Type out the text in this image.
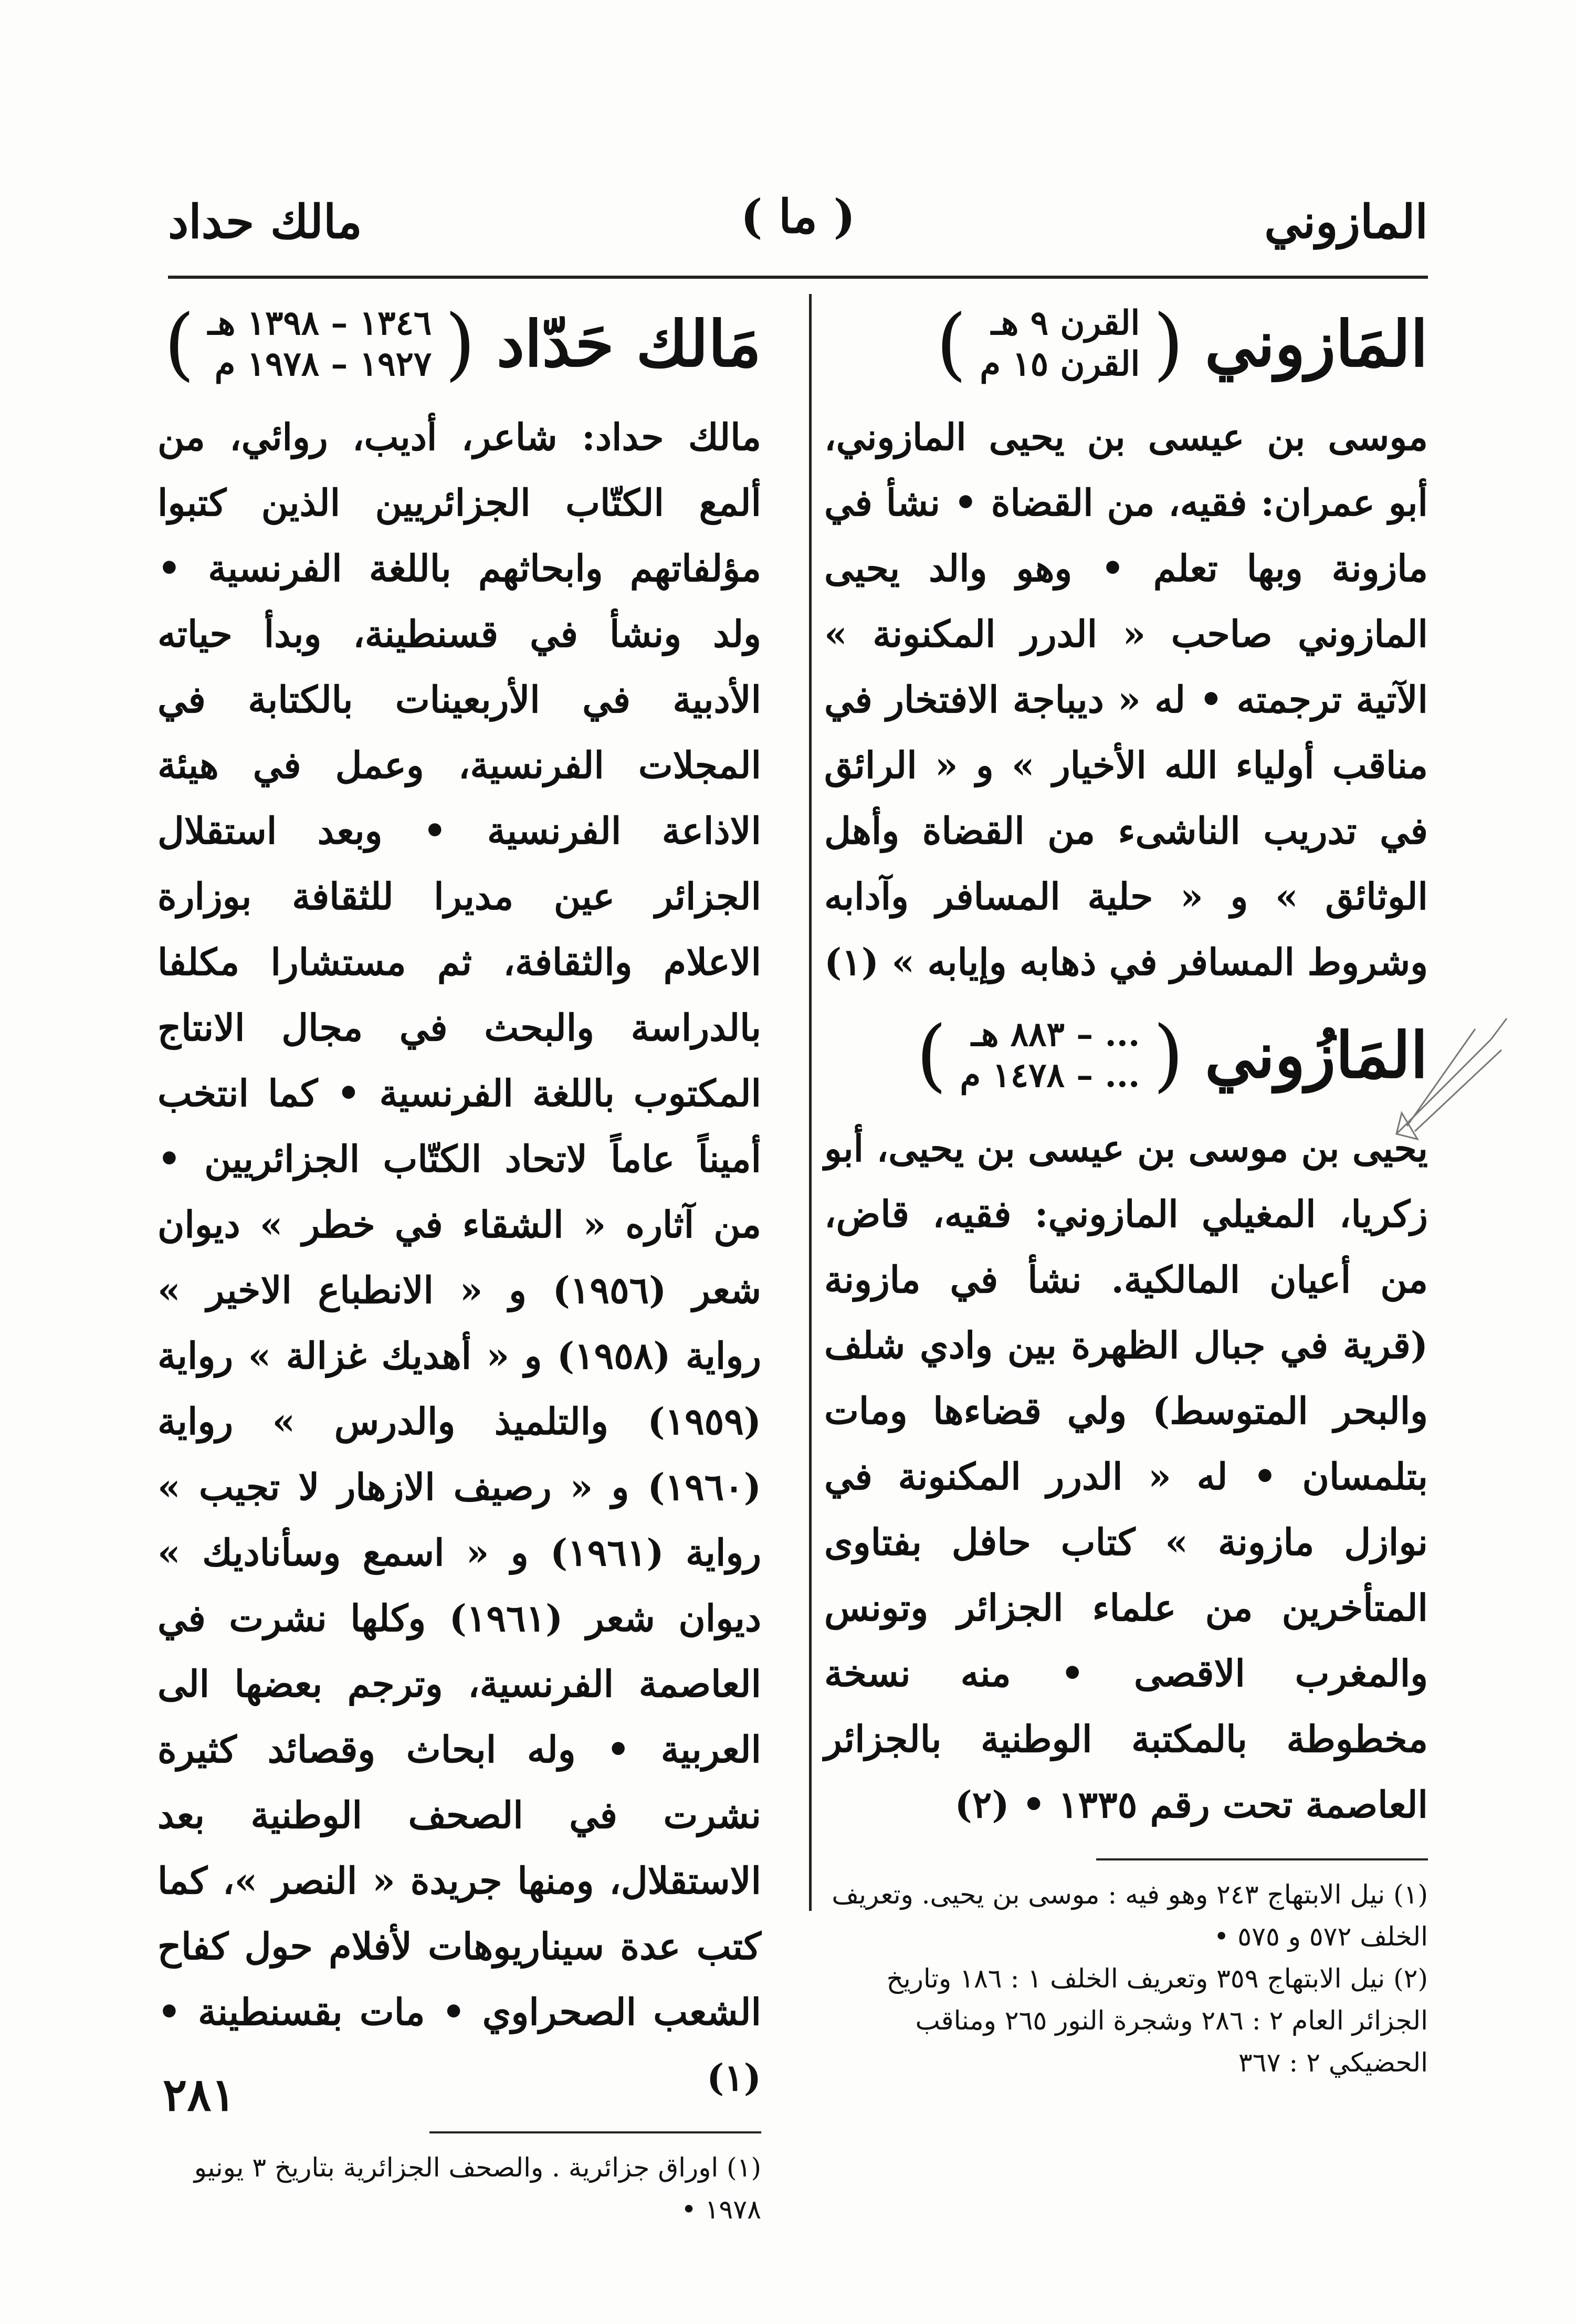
المازوني
( ما )
مالك حداد
المَازوني
(
القرن ٩ هـ
القرن ١٥ م
)

موسى بن عيسى بن يحيى المازوني، أبو عمران: فقيه، من القضاة • نشأ في مازونة وبها تعلم • وهو والد يحيى المازوني صاحب « الدرر المكنونة » الآتية ترجمته • له « ديباجة الافتخار في مناقب أولياء الله الأخيار » و « الرائق في تدريب الناشىء من القضاة وأهل الوثائق » و « حلية المسافر وآدابه وشروط المسافر في ذهابه وإيابه » (١)

المَازُوني
(
... – ٨٨٣ هـ
... – ١٤٧٨ م
)

يحيى بن موسى بن عيسى بن يحيى، أبو زكريا، المغيلي المازوني: فقيه، قاض، من أعيان المالكية. نشأ في مازونة (قرية في جبال الظهرة بين وادي شلف والبحر المتوسط) ولي قضاءها ومات بتلمسان • له « الدرر المكنونة في نوازل مازونة » كتاب حافل بفتاوى المتأخرين من علماء الجزائر وتونس والمغرب الاقصى • منه نسخة مخطوطة بالمكتبة الوطنية بالجزائر العاصمة تحت رقم ١٣٣٥ • (٢)

(١) نيل الابتهاج ٢٤٣ وهو فيه : موسى بن يحيى. وتعريف الخلف ٥٧٢ و ٥٧٥ •

(٢) نيل الابتهاج ٣٥٩ وتعريف الخلف ١ : ١٨٦ وتاريخ الجزائر العام ٢ : ٢٨٦ وشجرة النور ٢٦٥ ومناقب الحضيكي ٢ : ٣٦٧

مَالك حَدّاد
(
١٣٤٦ – ١٣٩٨ هـ
١٩٢٧ – ١٩٧٨ م
)

مالك حداد: شاعر، أديب، روائي، من ألمع الكتّاب الجزائريين الذين كتبوا مؤلفاتهم وابحاثهم باللغة الفرنسية • ولد ونشأ في قسنطينة، وبدأ حياته الأدبية في الأربعينات بالكتابة في المجلات الفرنسية، وعمل في هيئة الاذاعة الفرنسية • وبعد استقلال الجزائر عين مديرا للثقافة بوزارة الاعلام والثقافة، ثم مستشارا مكلفا بالدراسة والبحث في مجال الانتاج المكتوب باللغة الفرنسية • كما انتخب أميناً عاماً لاتحاد الكتّاب الجزائريين • من آثاره « الشقاء في خطر » ديوان شعر (١٩٥٦) و « الانطباع الاخير » رواية (١٩٥٨) و « أهديك غزالة » رواية (١٩٥٩) والتلميذ والدرس » رواية (١٩٦٠) و « رصيف الازهار لا تجيب » رواية (١٩٦١) و « اسمع وسأناديك » ديوان شعر (١٩٦١) وكلها نشرت في العاصمة الفرنسية، وترجم بعضها الى العربية • وله ابحاث وقصائد كثيرة نشرت في الصحف الوطنية بعد الاستقلال، ومنها جريدة « النصر »، كما كتب عدة سيناريوهات لأفلام حول كفاح الشعب الصحراوي • مات بقسنطينة • (١)

(١) اوراق جزائرية . والصحف الجزائرية بتاريخ ٣ يونيو ١٩٧٨ •

٢٨١
